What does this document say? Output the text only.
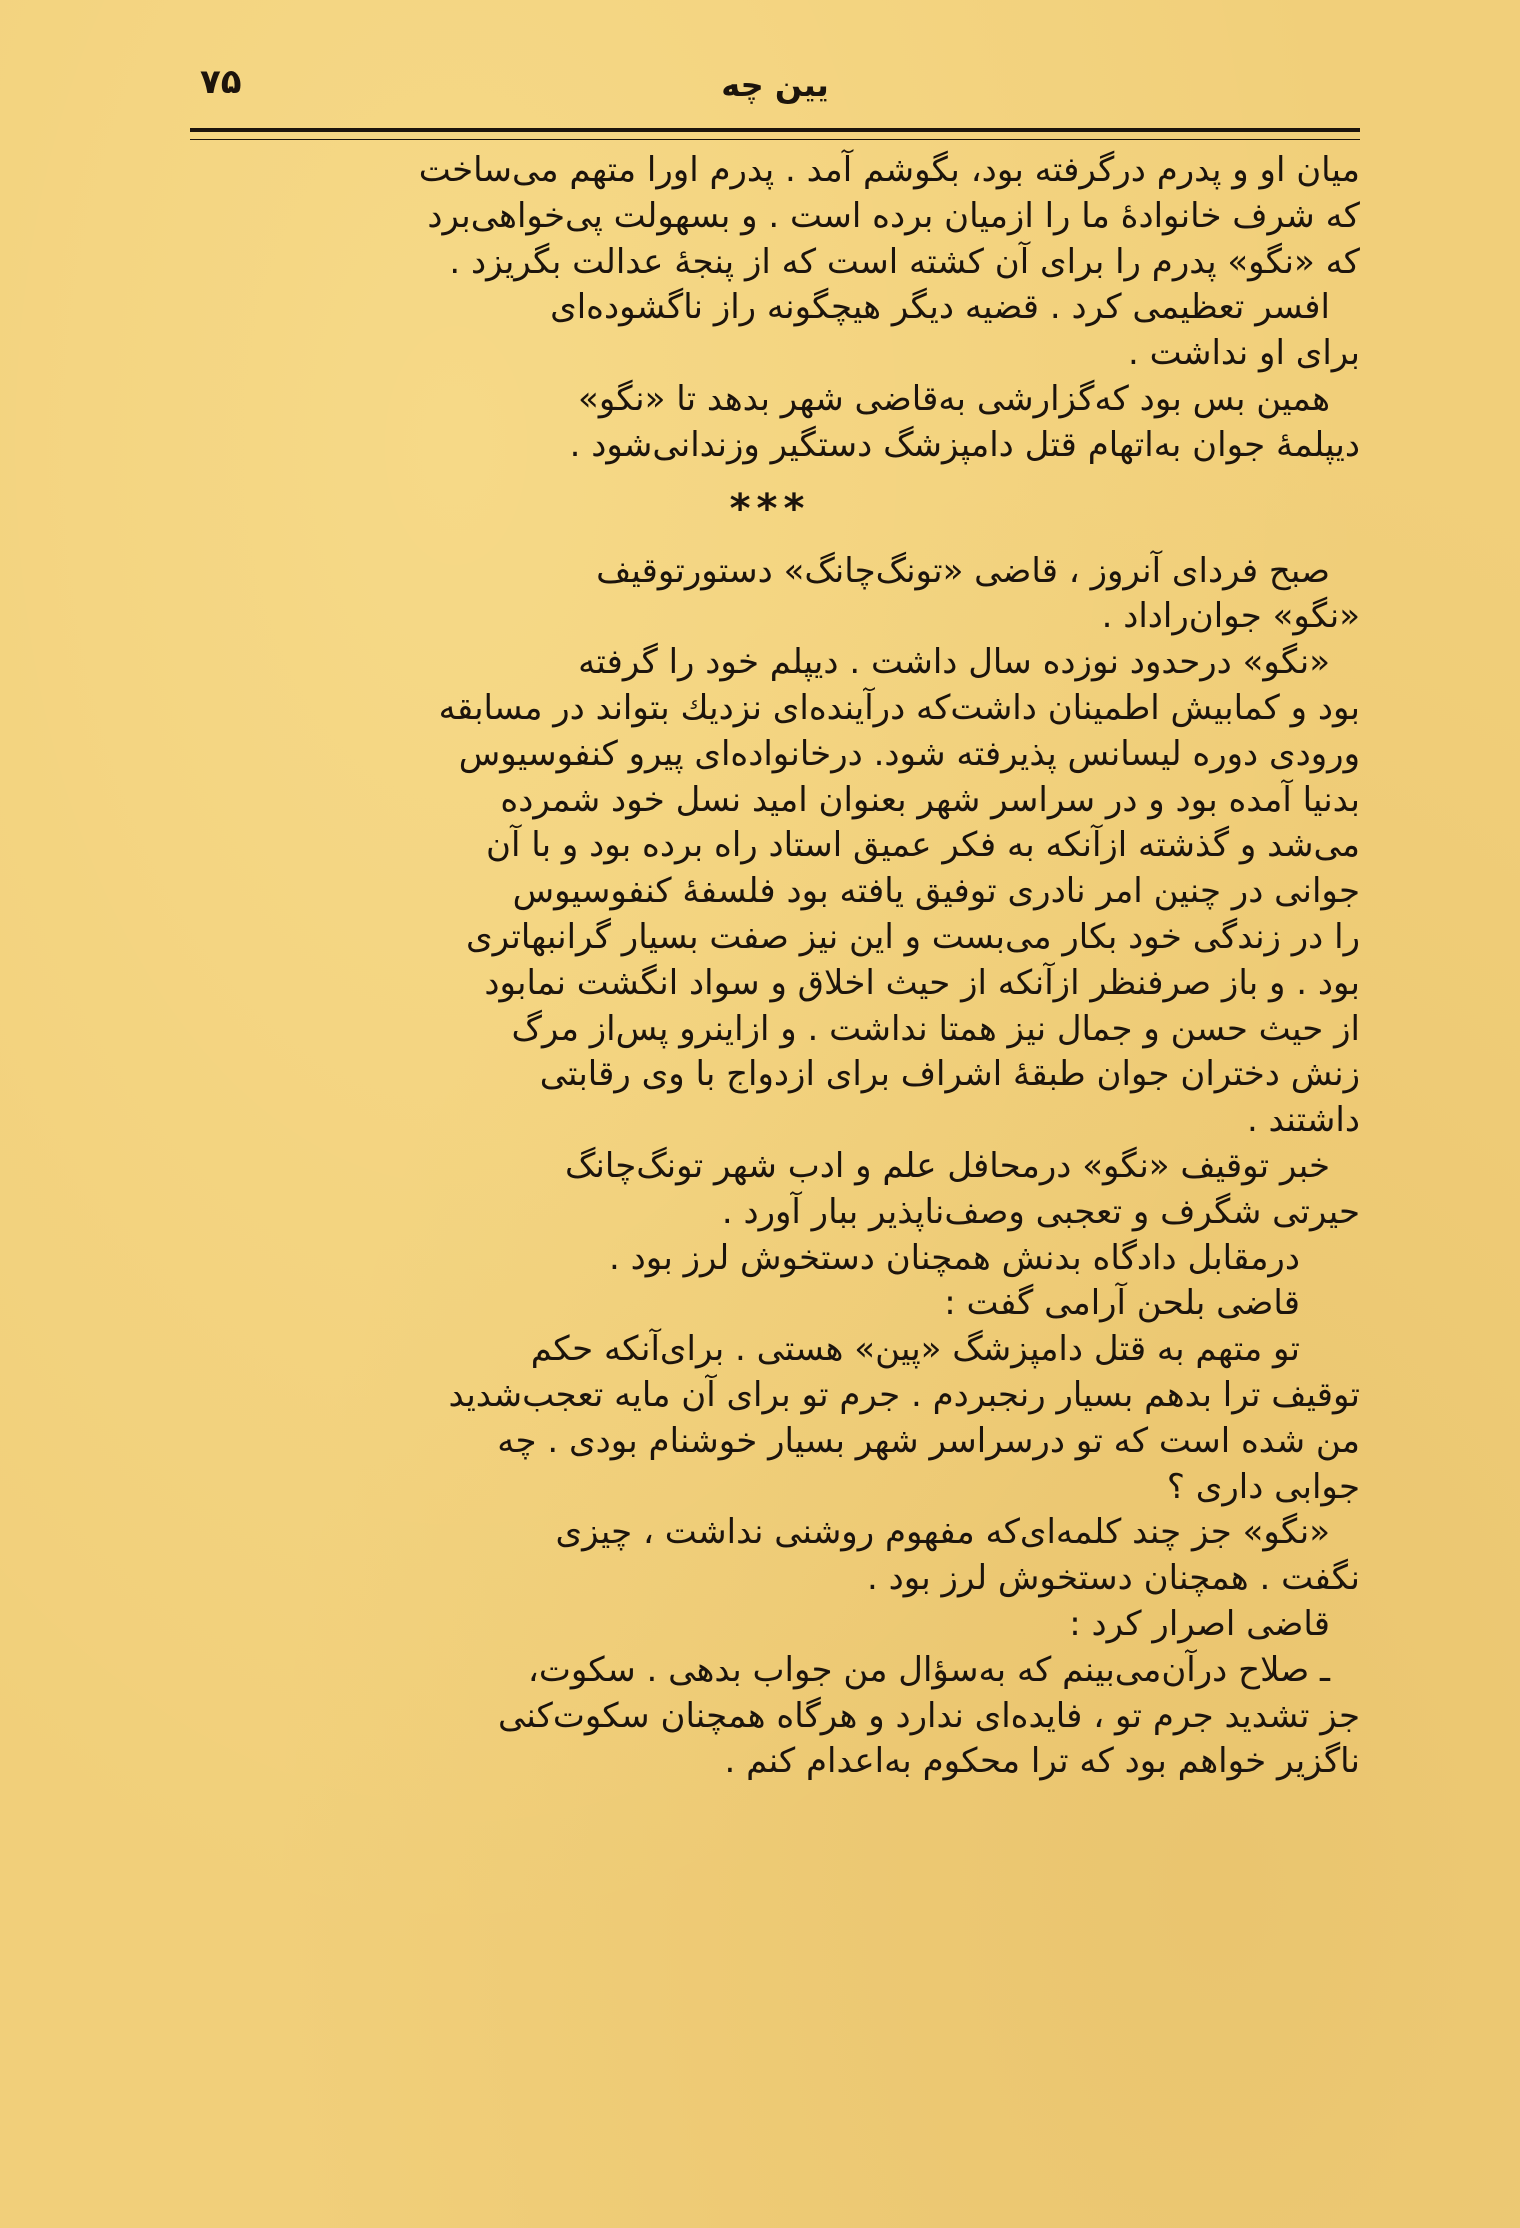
۷۵	یین چه

میان او و پدرم درگرفته بود، بگوشم آمد . پدرم اورا متهم می‌ساخت

که شرف خانوادهٔ ما را ازمیان برده است . و بسهولت پی‌خواهی‌برد

که «نگو» پدرم را برای آن کشته است که از پنجهٔ عدالت بگریزد .

افسر تعظیمی کرد . قضیه دیگر هیچگونه راز ناگشوده‌ای

برای او نداشت .

همین بس بود که‌گزارشی به‌قاضی شهر بدهد تا «نگو»

دیپلمهٔ جوان به‌اتهام قتل دامپزشگ دستگیر وزندانی‌شود .

***

صبح فردای آنروز ، قاضی «تونگ‌چانگ» دستورتوقیف

«نگو» جوان‌راداد .

«نگو» درحدود نوزده سال داشت . دیپلم خود را گرفته

بود و کمابیش اطمینان داشت‌که درآینده‌ای نزدیك بتواند در مسابقه

ورودی دوره لیسانس پذیرفته شود. درخانواده‌ای پیرو کنفوسیوس

بدنیا آمده بود و در سراسر شهر بعنوان امید نسل خود شمرده

می‌شد و گذشته ازآنکه به فکر عمیق استاد راه برده بود و با آن

جوانی در چنین امر نادری توفیق یافته بود فلسفهٔ کنفوسیوس

را در زندگی خود بکار می‌بست و این نیز صفت بسیار گرانبهاتری

بود . و باز صرفنظر ازآنکه از حیث اخلاق و سواد انگشت نمابود

از حیث حسن و جمال نیز همتا نداشت . و ازاینرو پس‌از مرگ

زنش دختران جوان طبقهٔ اشراف برای ازدواج با وی رقابتی

داشتند .

خبر توقیف «نگو» درمحافل علم و ادب شهر تونگ‌چانگ

حیرتی شگرف و تعجبی وصف‌ناپذیر ببار آورد .

درمقابل دادگاه بدنش همچنان دستخوش لرز بود .

قاضی بلحن آرامی گفت :

تو متهم به قتل دامپزشگ «پین» هستی . برای‌آنکه حکم

توقیف ترا بدهم بسیار رنجبردم . جرم تو برای آن مایه تعجب‌شدید

من شده است که تو درسراسر شهر بسیار خوشنام بودی . چه

جوابی داری ؟

«نگو» جز چند کلمه‌ای‌که مفهوم روشنی نداشت ، چیزی

نگفت . همچنان دستخوش لرز بود .

قاضی اصرار کرد :

ـ صلاح درآن‌می‌بینم که به‌سؤال من جواب بدهی . سکوت،

جز تشدید جرم تو ، فایده‌ای ندارد و هرگاه همچنان سکوت‌کنی

ناگزیر خواهم بود که ترا محکوم به‌اعدام کنم .
